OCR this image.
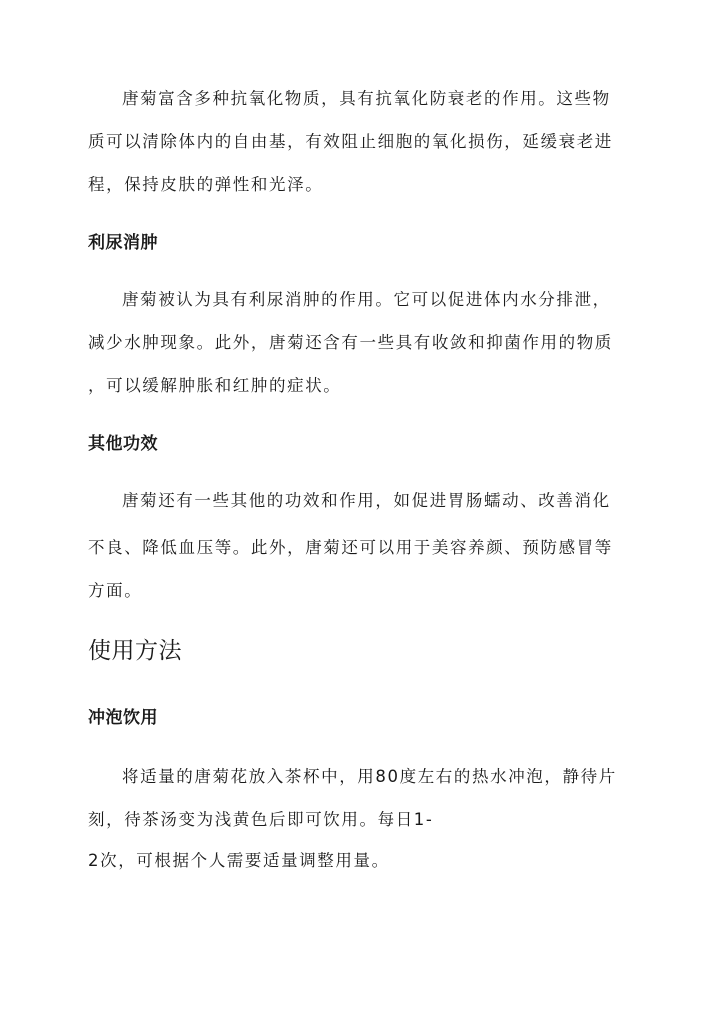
唐菊富含多种抗氧化物质，具有抗氧化防衰老的作用。这些物
质可以清除体内的自由基，有效阻止细胞的氧化损伤，延缓衰老进
程，保持皮肤的弹性和光泽。
利尿消肿
唐菊被认为具有利尿消肿的作用。它可以促进体内水分排泄，
减少水肿现象。此外，唐菊还含有一些具有收敛和抑菌作用的物质
，可以缓解肿胀和红肿的症状。
其他功效
唐菊还有一些其他的功效和作用，如促进胃肠蠕动、改善消化
不良、降低血压等。此外，唐菊还可以用于美容养颜、预防感冒等
方面。
使用方法
冲泡饮用
将适量的唐菊花放入茶杯中，用80度左右的热水冲泡，静待片
刻，待茶汤变为浅黄色后即可饮用。每日1-
2次，可根据个人需要适量调整用量。
